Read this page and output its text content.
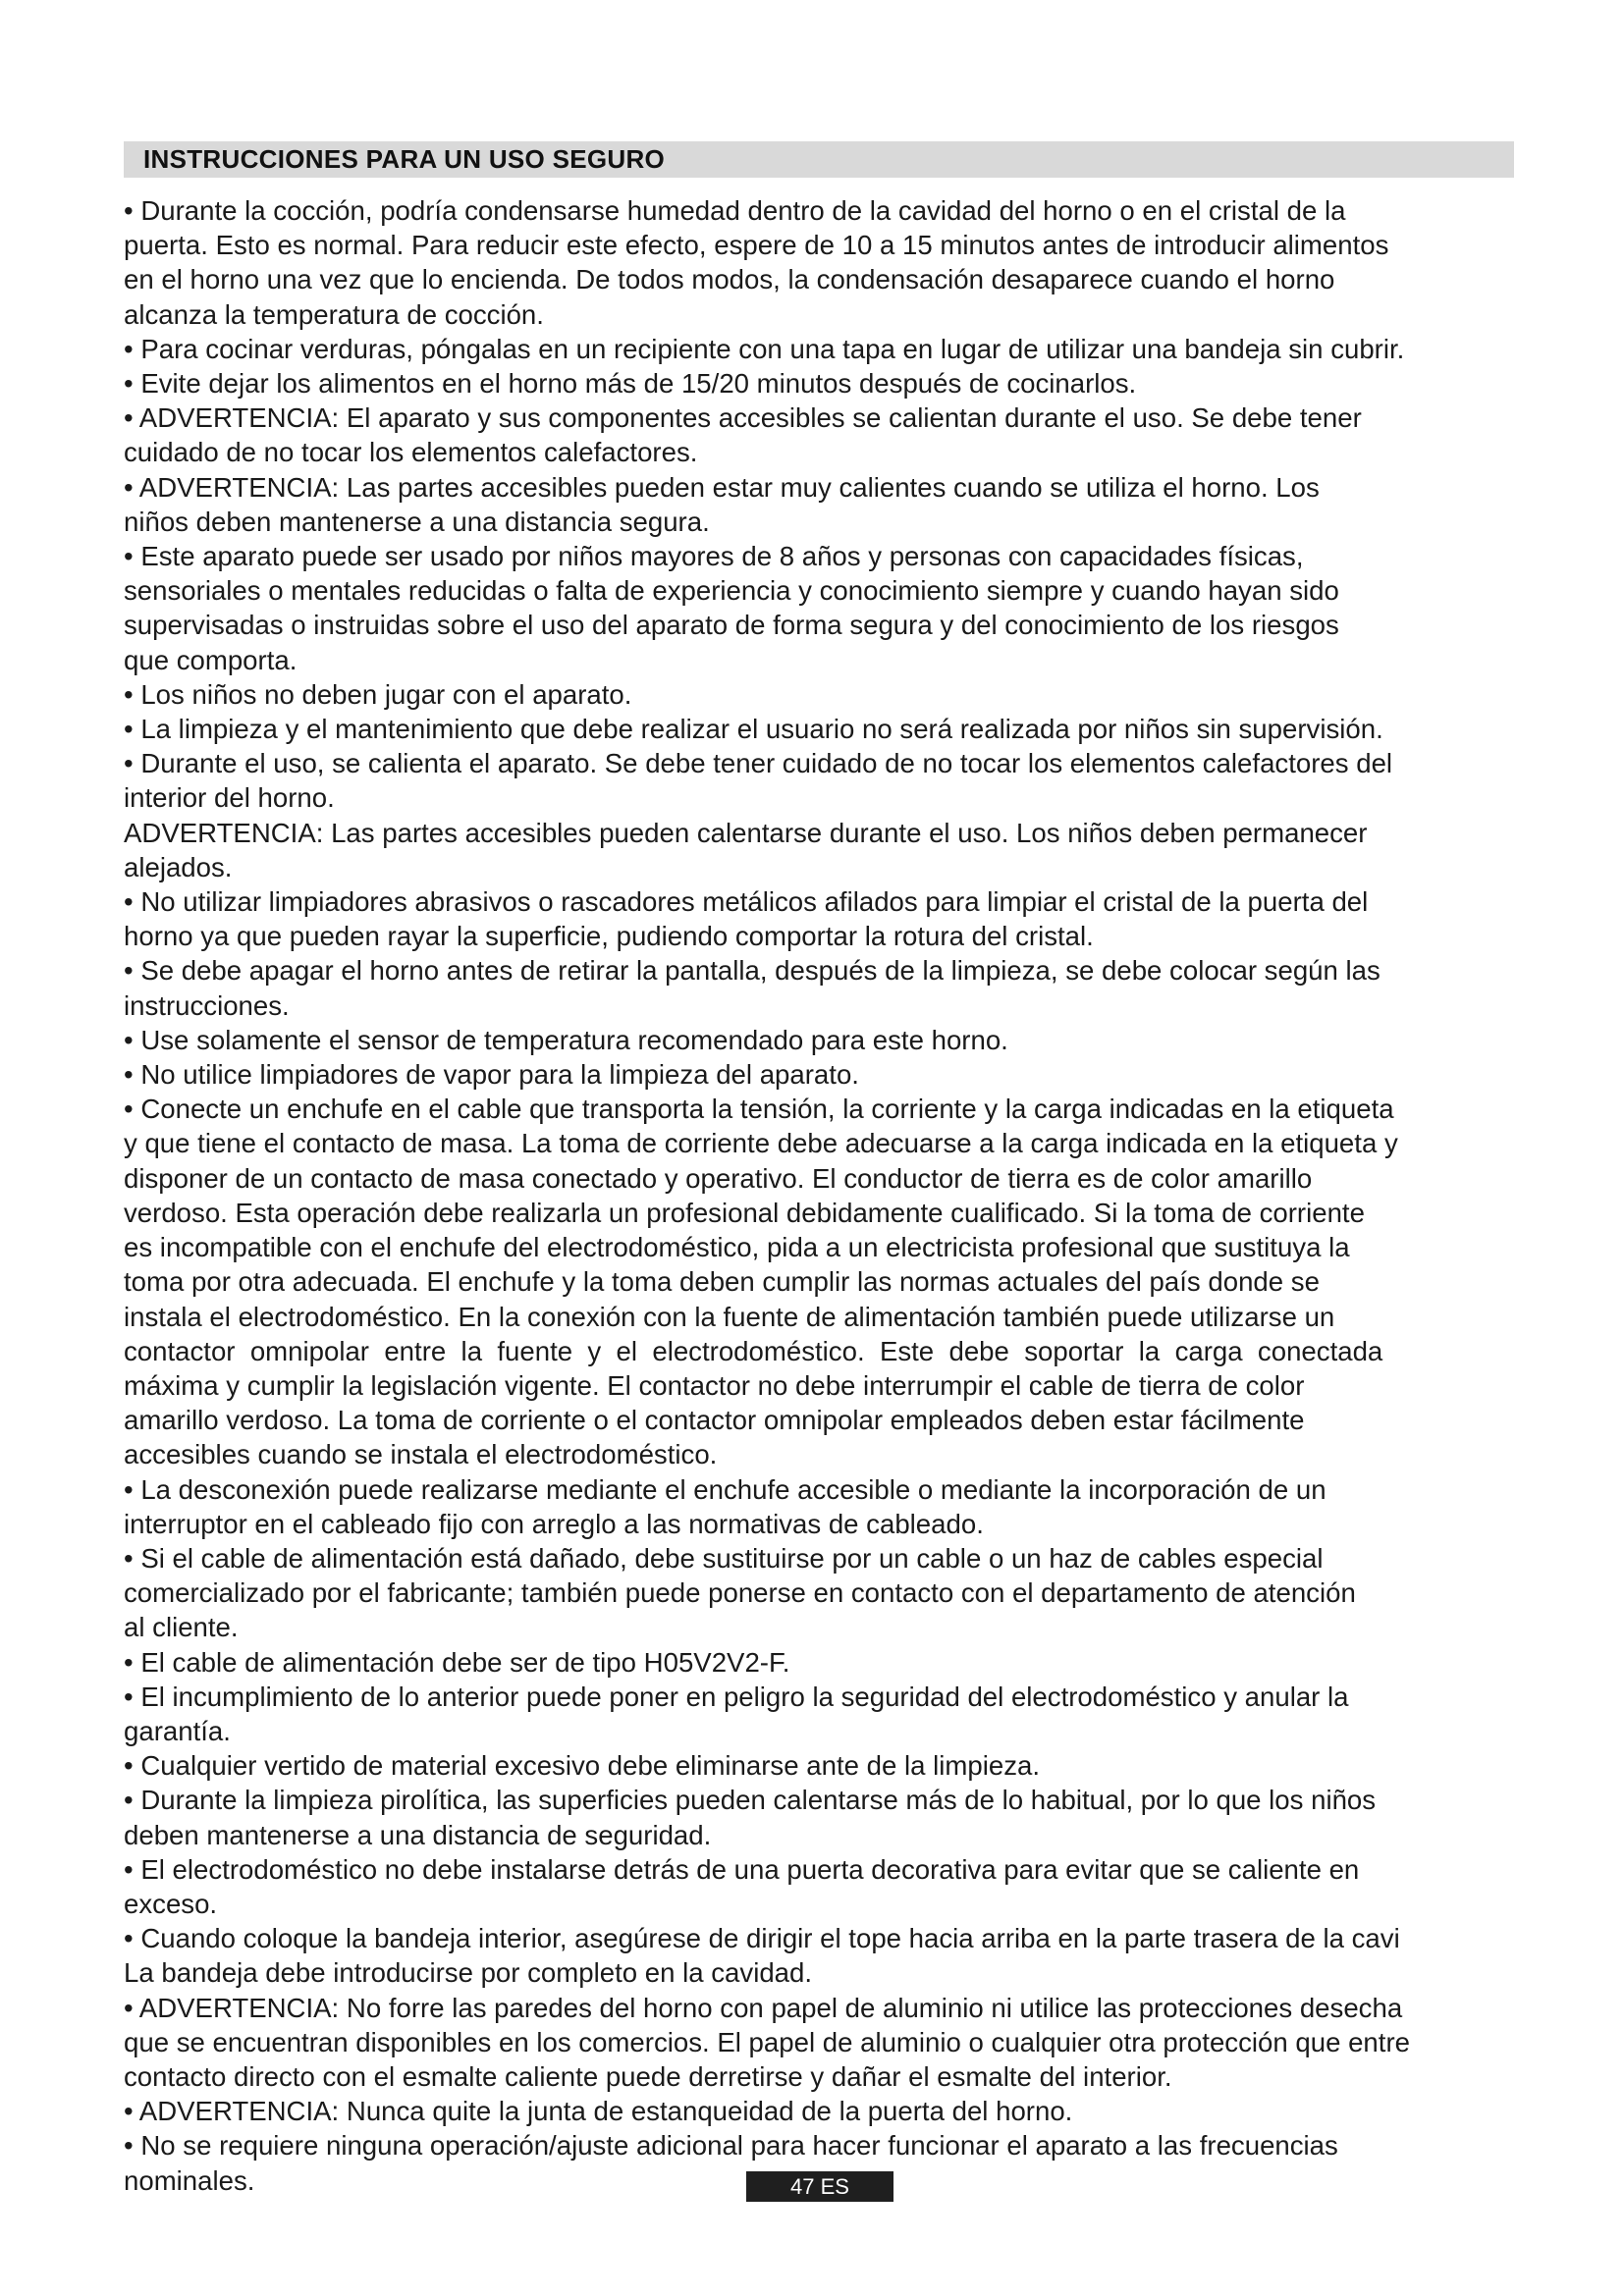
INSTRUCCIONES PARA UN USO SEGURO

• Durante la cocción, podría condensarse humedad dentro de la cavidad del horno o en el cristal de la
puerta. Esto es normal. Para reducir este efecto, espere de 10 a 15 minutos antes de introducir alimentos
en el horno una vez que lo encienda. De todos modos, la condensación desaparece cuando el horno
alcanza la temperatura de cocción.

• Para cocinar verduras, póngalas en un recipiente con una tapa en lugar de utilizar una bandeja sin cubrir.

• Evite dejar los alimentos en el horno más de 15/20 minutos después de cocinarlos.

• ADVERTENCIA: El aparato y sus componentes accesibles se calientan durante el uso. Se debe tener
cuidado de no tocar los elementos calefactores.

• ADVERTENCIA: Las partes accesibles pueden estar muy calientes cuando se utiliza el horno. Los
niños deben mantenerse a una distancia segura.

• Este aparato puede ser usado por niños mayores de 8 años y personas con capacidades físicas,
sensoriales o mentales reducidas o falta de experiencia y conocimiento siempre y cuando hayan sido
supervisadas o instruidas sobre el uso del aparato de forma segura y del conocimiento de los riesgos
que comporta.

• Los niños no deben jugar con el aparato.

• La limpieza y el mantenimiento que debe realizar el usuario no será realizada por niños sin supervisión.

• Durante el uso, se calienta el aparato. Se debe tener cuidado de no tocar los elementos calefactores del
interior del horno.

ADVERTENCIA: Las partes accesibles pueden calentarse durante el uso. Los niños deben permanecer
alejados.

• No utilizar limpiadores abrasivos o rascadores metálicos afilados para limpiar el cristal de la puerta del
horno ya que pueden rayar la superficie, pudiendo comportar la rotura del cristal.

• Se debe apagar el horno antes de retirar la pantalla, después de la limpieza, se debe colocar según las
instrucciones.

• Use solamente el sensor de temperatura recomendado para este horno.

• No utilice limpiadores de vapor para la limpieza del aparato.

• Conecte un enchufe en el cable que transporta la tensión, la corriente y la carga indicadas en la etiqueta
y que tiene el contacto de masa. La toma de corriente debe adecuarse a la carga indicada en la etiqueta y
disponer de un contacto de masa conectado y operativo. El conductor de tierra es de color amarillo
verdoso. Esta operación debe realizarla un profesional debidamente cualificado. Si la toma de corriente
es incompatible con el enchufe del electrodoméstico, pida a un electricista profesional que sustituya la
toma por otra adecuada. El enchufe y la toma deben cumplir las normas actuales del país donde se
instala el electrodoméstico. En la conexión con la fuente de alimentación también puede utilizarse un
contactor  omnipolar  entre  la  fuente  y  el  electrodoméstico.  Este  debe  soportar  la  carga  conectada
máxima y cumplir la legislación vigente. El contactor no debe interrumpir el cable de tierra de color
amarillo verdoso. La toma de corriente o el contactor omnipolar empleados deben estar fácilmente
accesibles cuando se instala el electrodoméstico.

• La desconexión puede realizarse mediante el enchufe accesible o mediante la incorporación de un
interruptor en el cableado fijo con arreglo a las normativas de cableado.

• Si el cable de alimentación está dañado, debe sustituirse por un cable o un haz de cables especial
comercializado por el fabricante; también puede ponerse en contacto con el departamento de atención
al cliente.

• El cable de alimentación debe ser de tipo H05V2V2-F.

• El incumplimiento de lo anterior puede poner en peligro la seguridad del electrodoméstico y anular la
garantía.

• Cualquier vertido de material excesivo debe eliminarse ante de la limpieza.

• Durante la limpieza pirolítica, las superficies pueden calentarse más de lo habitual, por lo que los niños
deben mantenerse a una distancia de seguridad.

• El electrodoméstico no debe instalarse detrás de una puerta decorativa para evitar que se caliente en
exceso.

• Cuando coloque la bandeja interior, asegúrese de dirigir el tope hacia arriba en la parte trasera de la cavi
La bandeja debe introducirse por completo en la cavidad.

• ADVERTENCIA: No forre las paredes del horno con papel de aluminio ni utilice las protecciones desecha
que se encuentran disponibles en los comercios. El papel de aluminio o cualquier otra protección que entre
contacto directo con el esmalte caliente puede derretirse y dañar el esmalte del interior.

• ADVERTENCIA: Nunca quite la junta de estanqueidad de la puerta del horno.

• No se requiere ninguna operación/ajuste adicional para hacer funcionar el aparato a las frecuencias
nominales.	47 ES
